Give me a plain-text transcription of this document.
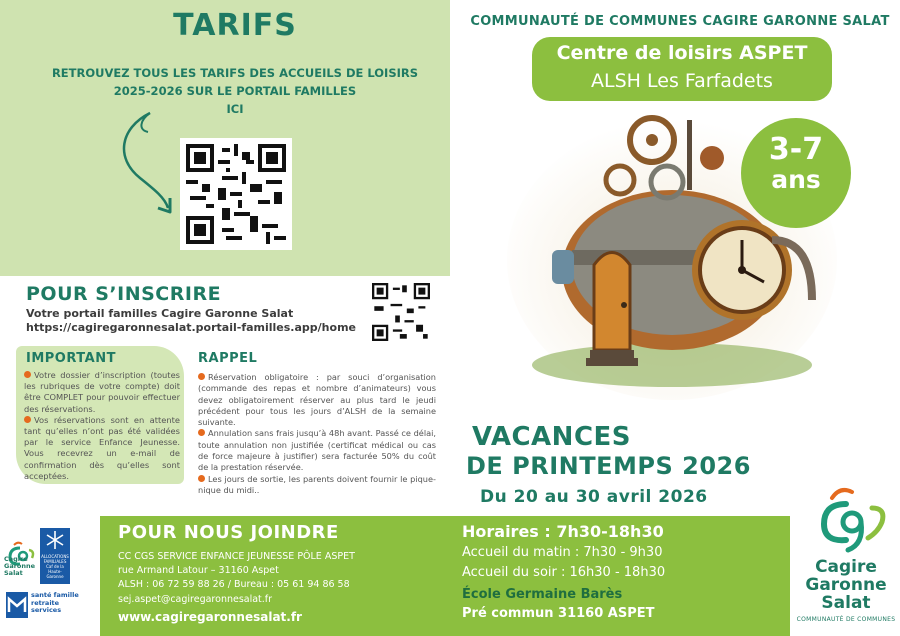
TARIFS
RETROUVEZ TOUS LES TARIFS DES ACCUEILS DE LOISIRS
2025-2026 SUR LE PORTAIL FAMILLES
ICI
POUR S’INSCRIRE
Votre portail familles Cagire Garonne Salat
https://cagiregaronnesalat.portail-familles.app/home
IMPORTANT
Votre dossier d’inscription (toutes les rubriques de votre compte) doit être COMPLET pour pouvoir effectuer des réservations.
Vos réservations sont en attente tant qu’elles n’ont pas été validées par le service Enfance Jeunesse. Vous recevrez un e-mail de confirmation dès qu’elles sont acceptées.
RAPPEL
Réservation obligatoire : par souci d’organisation (commande des repas et nombre d’animateurs) vous devez obligatoirement réserver au plus tard le jeudi précédent pour tous les jours d’ALSH de la semaine suivante.
Annulation sans frais jusqu’à 48h avant. Passé ce délai, toute annulation non justifiée (certificat médical ou cas de force majeure à justifier) sera facturée 50% du coût de la prestation réservée.
Les jours de sortie, les parents doivent fournir le pique-nique du midi..
COMMUNAUTÉ DE COMMUNES CAGIRE GARONNE SALAT
Centre de loisirs ASPET
ALSH Les Farfadets
3-7
ans
VACANCES
DE PRINTEMPS 2026
Du 20 au 30 avril 2026
POUR NOUS JOINDRE
CC CGS SERVICE ENFANCE JEUNESSE PÔLE ASPET
rue Armand Latour – 31160 Aspet
ALSH : 06 72 59 88 26 / Bureau : 05 61 94 86 58
sej.aspet@cagiregaronnesalat.fr
www.cagiregaronnesalat.fr
Horaires : 7h30-18h30
Accueil du matin : 7h30 - 9h30
Accueil du soir : 16h30 - 18h30
École Germaine Barès
Pré commun 31160 ASPET
Cagire
Garonne
Salat
COMMUNAUTÉ DE COMMUNES
Cagire Garonne Salat
ALLOCATIONS FAMILIALES Caf de la Haute-Garonne
santé famille retraite services
